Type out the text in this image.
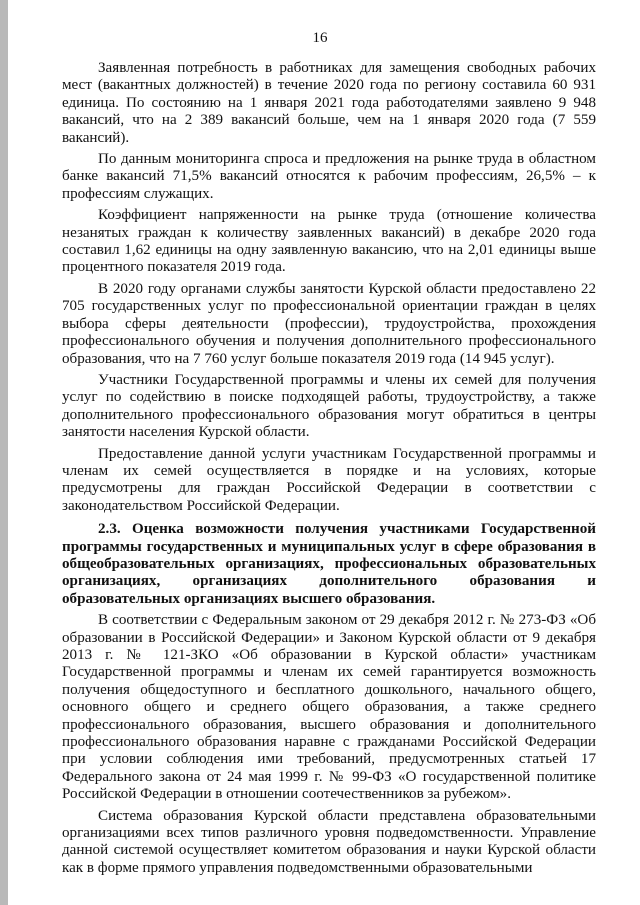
16

Заявленная потребность в работниках для замещения свободных рабочих мест (вакантных должностей) в течение 2020 года по региону составила 60 931 единица. По состоянию на 1 января 2021 года работодателями заявлено 9 948 вакансий, что на 2 389 вакансий больше, чем на 1 января 2020 года (7 559 вакансий).

По данным мониторинга спроса и предложения на рынке труда в областном банке вакансий 71,5% вакансий относятся к рабочим профессиям, 26,5% – к профессиям служащих.

Коэффициент напряженности на рынке труда (отношение количества незанятых граждан к количеству заявленных вакансий) в декабре 2020 года составил 1,62 единицы на одну заявленную вакансию, что на 2,01 единицы выше процентного показателя 2019 года.

В 2020 году органами службы занятости Курской области предоставлено 22 705 государственных услуг по профессиональной ориентации граждан в целях выбора сферы деятельности (профессии), трудоустройства, прохождения профессионального обучения и получения дополнительного профессионального образования, что на 7 760 услуг больше показателя 2019 года (14 945 услуг).

Участники Государственной программы и члены их семей для получения услуг по содействию в поиске подходящей работы, трудоустройству, а также дополнительного профессионального образования могут обратиться в центры занятости населения Курской области.

Предоставление данной услуги участникам Государственной программы и членам их семей осуществляется в порядке и на условиях, которые предусмотрены для граждан Российской Федерации в соответствии с законодательством Российской Федерации.

2.3. Оценка возможности получения участниками Государственной программы государственных и муниципальных услуг в сфере образования в общеобразовательных организациях, профессиональных образовательных организациях, организациях дополнительного образования и образовательных организациях высшего образования.

В соответствии с Федеральным законом от 29 декабря 2012 г. № 273-ФЗ «Об образовании в Российской Федерации» и Законом Курской области от 9 декабря 2013 г. № 121-ЗКО «Об образовании в Курской области» участникам Государственной программы и членам их семей гарантируется возможность получения общедоступного и бесплатного дошкольного, начального общего, основного общего и среднего общего образования, а также среднего профессионального образования, высшего образования и дополнительного профессионального образования наравне с гражданами Российской Федерации при условии соблюдения ими требований, предусмотренных статьей 17 Федерального закона от 24 мая 1999 г. № 99-ФЗ «О государственной политике Российской Федерации в отношении соотечественников за рубежом».

Система образования Курской области представлена образовательными организациями всех типов различного уровня подведомственности. Управление данной системой осуществляет комитетом образования и науки Курской области как в форме прямого управления подведомственными образовательными
